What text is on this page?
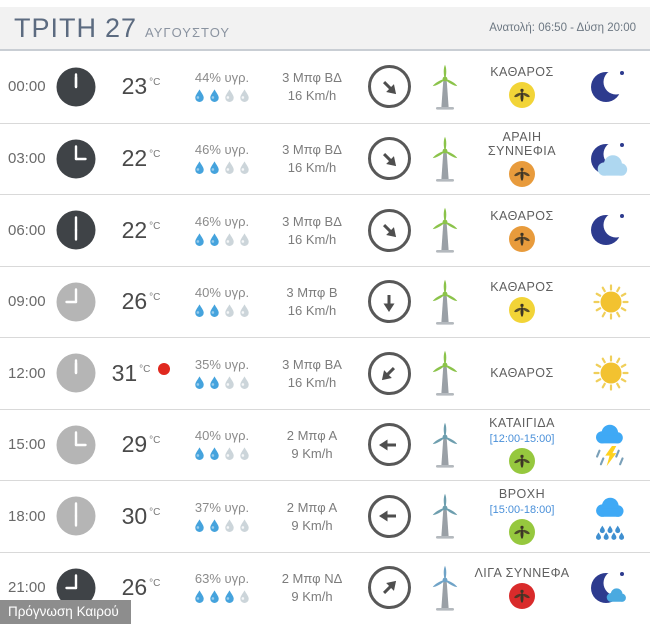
ΤΡΙΤΗ 27 ΑΥΓΟΥΣΤΟΥ	Ανατολή: 06:50 - Δύση 20:00
00:00	23 °C	44% υγρ.	3 Μπφ ΒΔ
16 Km/h
ΚΑΘΑΡΟΣ
03:00	22 °C	46% υγρ.	3 Μπφ ΒΔ
16 Km/h
ΑΡΑΙΗ ΣΥΝΝΕΦΙΑ
06:00	22 °C	46% υγρ.	3 Μπφ ΒΔ
16 Km/h
ΚΑΘΑΡΟΣ
09:00	26 °C	40% υγρ.	3 Μπφ Β
16 Km/h
ΚΑΘΑΡΟΣ
12:00	31 °C	35% υγρ.	3 Μπφ ΒΑ
16 Km/h
ΚΑΘΑΡΟΣ
15:00	29 °C	40% υγρ.	2 Μπφ Α
9 Km/h
ΚΑΤΑΙΓΙΔΑ
[12:00-15:00]
18:00	30 °C	37% υγρ.	2 Μπφ Α
9 Km/h
ΒΡΟΧΗ
[15:00-18:00]
21:00	26 °C	63% υγρ.	2 Μπφ ΝΔ
9 Km/h
ΛΙΓΑ ΣΥΝΝΕΦΑ
Πρόγνωση Καιρού
